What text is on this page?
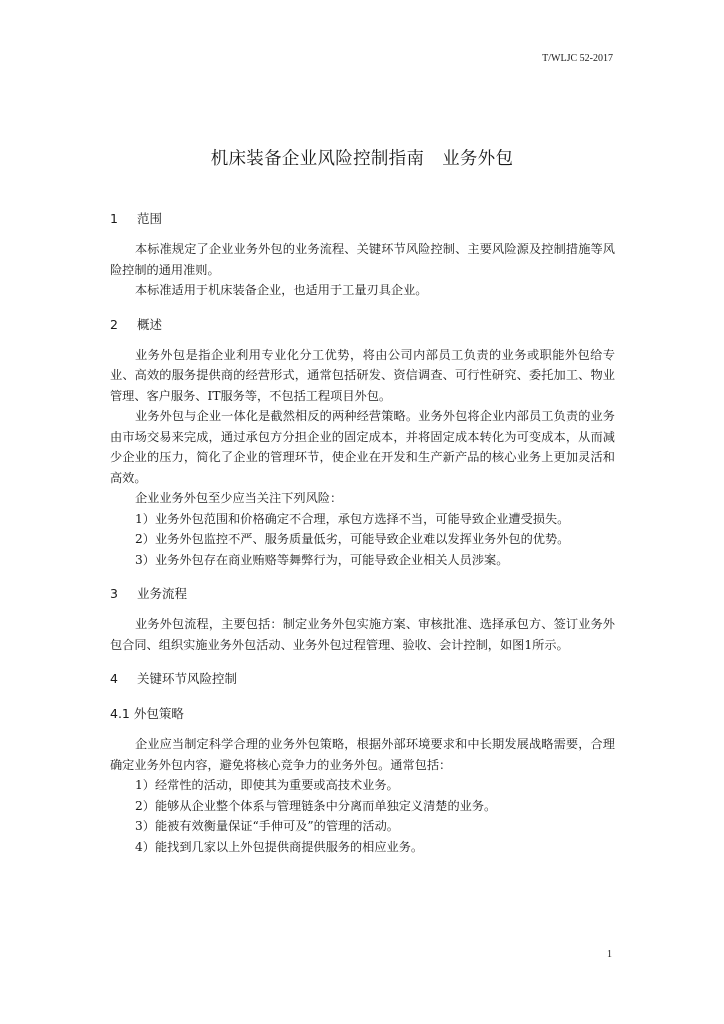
T/WLJC 52-2017
机床装备企业风险控制指南　业务外包
1 范围

本标准规定了企业业务外包的业务流程、关键环节风险控制、主要风险源及控制措施等风险控制的通用准则。

本标准适用于机床装备企业，也适用于工量刃具企业。

2 概述

业务外包是指企业利用专业化分工优势，将由公司内部员工负责的业务或职能外包给专业、高效的服务提供商的经营形式，通常包括研发、资信调查、可行性研究、委托加工、物业管理、客户服务、IT服务等，不包括工程项目外包。

业务外包与企业一体化是截然相反的两种经营策略。业务外包将企业内部员工负责的业务由市场交易来完成，通过承包方分担企业的固定成本，并将固定成本转化为可变成本，从而减少企业的压力，简化了企业的管理环节，使企业在开发和生产新产品的核心业务上更加灵活和高效。

企业业务外包至少应当关注下列风险：

1）业务外包范围和价格确定不合理，承包方选择不当，可能导致企业遭受损失。

2）业务外包监控不严、服务质量低劣，可能导致企业难以发挥业务外包的优势。

3）业务外包存在商业贿赂等舞弊行为，可能导致企业相关人员涉案。

3 业务流程

业务外包流程，主要包括：制定业务外包实施方案、审核批准、选择承包方、签订业务外包合同、组织实施业务外包活动、业务外包过程管理、验收、会计控制，如图1所示。

4 关键环节风险控制
4.1 外包策略

企业应当制定科学合理的业务外包策略，根据外部环境要求和中长期发展战略需要，合理确定业务外包内容，避免将核心竞争力的业务外包。通常包括：

1）经常性的活动，即使其为重要或高技术业务。

2）能够从企业整个体系与管理链条中分离而单独定义清楚的业务。

3）能被有效衡量保证“手伸可及”的管理的活动。

4）能找到几家以上外包提供商提供服务的相应业务。

1
